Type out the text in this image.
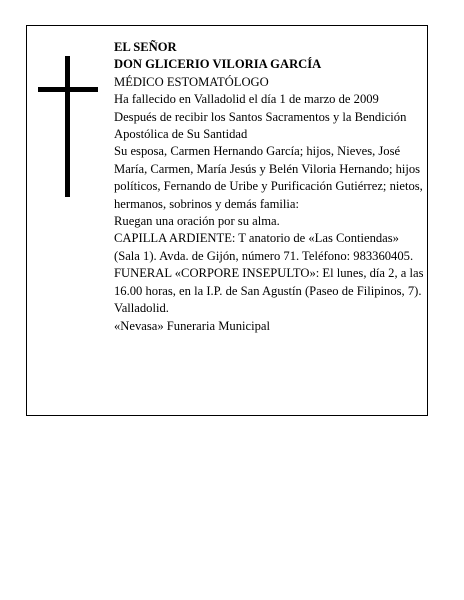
EL SEÑOR

DON GLICERIO VILORIA GARCÍA

MÉDICO ESTOMATÓLOGO

Ha fallecido en Valladolid el día 1 de marzo de 2009

Después de recibir los Santos Sacramentos y la Bendición Apostólica de Su Santidad

Su esposa, Carmen Hernando García; hijos, Nieves, José María, Carmen, María Jesús y Belén Viloria Hernando; hijos políticos, Fernando de Uribe y Purificación Gutiérrez; nietos, hermanos, sobrinos y demás familia:

Ruegan una oración por su alma.

CAPILLA ARDIENTE: T anatorio de «Las Contiendas» (Sala 1). Avda. de Gijón, número 71. Teléfono: 983360405.

FUNERAL «CORPORE INSEPULTO»: El lunes, día 2, a las 16.00 horas, en la I.P. de San Agustín (Paseo de Filipinos, 7). Valladolid.

«Nevasa» Funeraria Municipal
